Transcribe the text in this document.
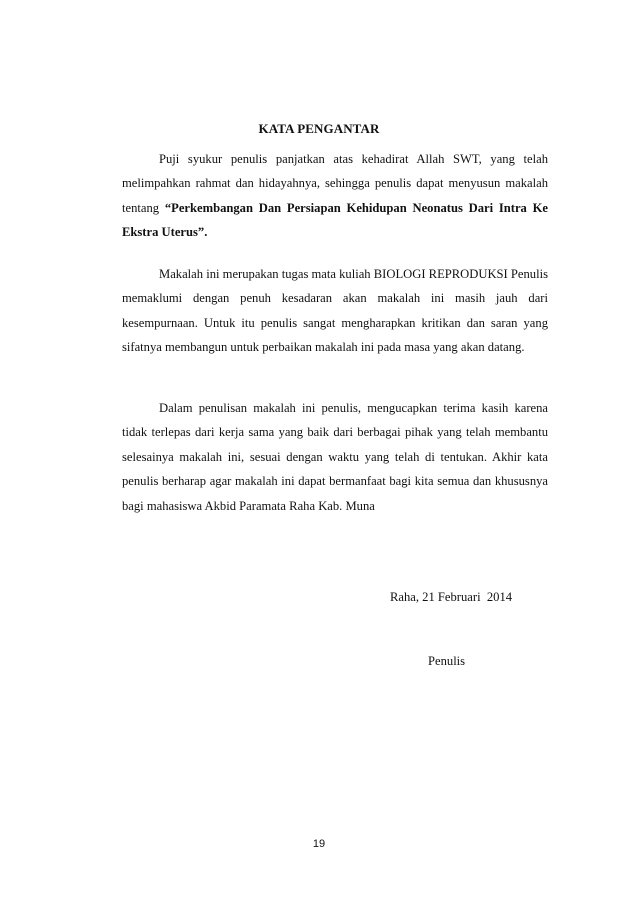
KATA PENGANTAR

Puji syukur penulis panjatkan atas kehadirat Allah SWT, yang telah melimpahkan rahmat dan hidayahnya, sehingga penulis dapat menyusun makalah tentang “Perkembangan Dan Persiapan Kehidupan Neonatus Dari Intra Ke Ekstra Uterus”.

Makalah ini merupakan tugas mata kuliah BIOLOGI REPRODUKSI Penulis memaklumi dengan penuh kesadaran akan makalah ini masih jauh dari kesempurnaan. Untuk itu penulis sangat mengharapkan kritikan dan saran yang sifatnya membangun untuk perbaikan makalah ini pada masa yang akan datang.

Dalam penulisan makalah ini penulis, mengucapkan terima kasih karena tidak terlepas dari kerja sama yang baik dari berbagai pihak yang telah membantu selesainya makalah ini, sesuai dengan waktu yang telah di tentukan. Akhir kata penulis berharap agar makalah ini dapat bermanfaat bagi kita semua dan khususnya bagi mahasiswa Akbid Paramata Raha Kab. Muna

Raha, 21 Februari  2014
Penulis
19
